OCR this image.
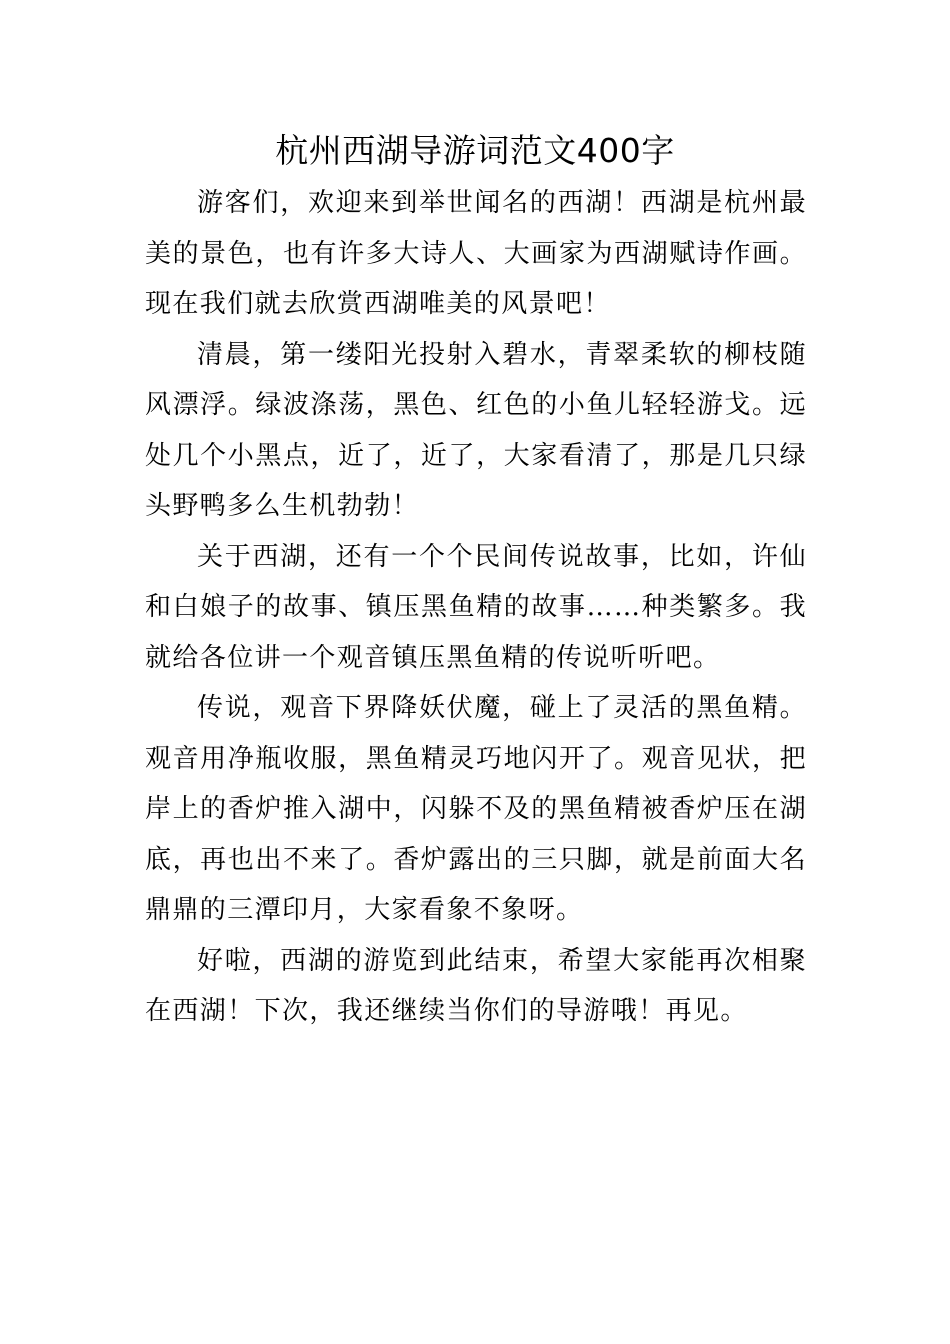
杭州西湖导游词范文400字

游客们，欢迎来到举世闻名的西湖！西湖是杭州最美的景色，也有许多大诗人、大画家为西湖赋诗作画。现在我们就去欣赏西湖唯美的风景吧！

清晨，第一缕阳光投射入碧水，青翠柔软的柳枝随风漂浮。绿波涤荡，黑色、红色的小鱼儿轻轻游戈。远处几个小黑点，近了，近了，大家看清了，那是几只绿头野鸭多么生机勃勃！

关于西湖，还有一个个民间传说故事，比如，许仙和白娘子的故事、镇压黑鱼精的故事……种类繁多。我就给各位讲一个观音镇压黑鱼精的传说听听吧。

传说，观音下界降妖伏魔，碰上了灵活的黑鱼精。观音用净瓶收服，黑鱼精灵巧地闪开了。观音见状，把岸上的香炉推入湖中，闪躲不及的黑鱼精被香炉压在湖底，再也出不来了。香炉露出的三只脚，就是前面大名鼎鼎的三潭印月，大家看象不象呀。

好啦，西湖的游览到此结束，希望大家能再次相聚在西湖！下次，我还继续当你们的导游哦！再见。
